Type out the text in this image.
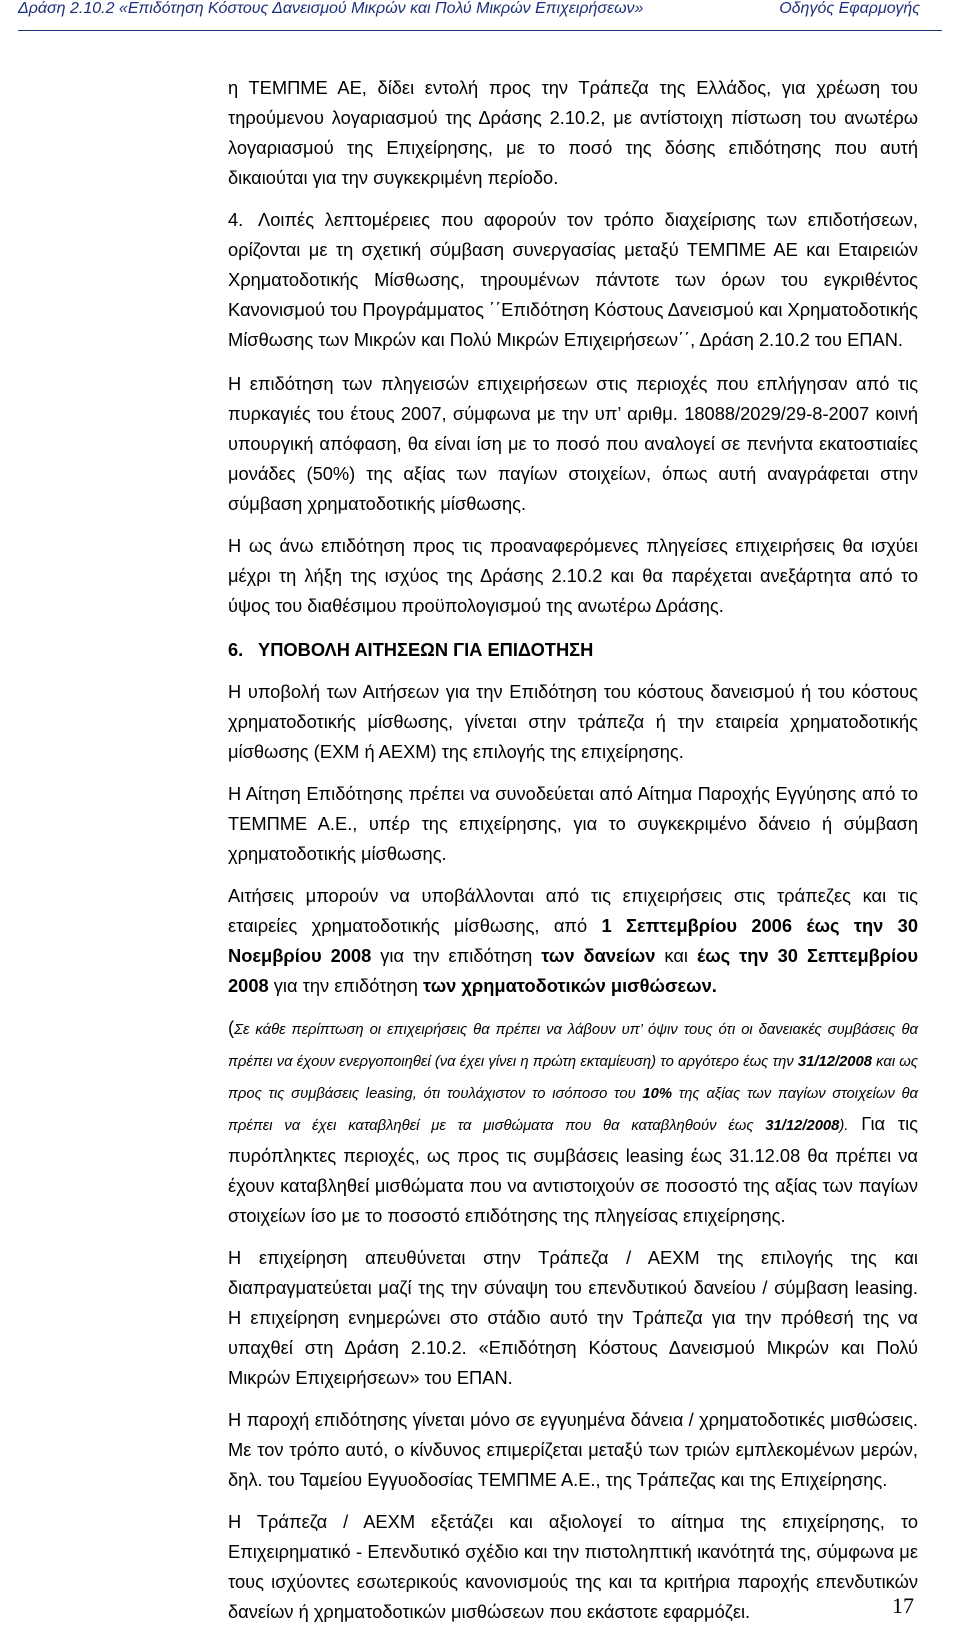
Δράση 2.10.2 «Επιδότηση Κόστους Δανεισμού Μικρών και Πολύ Μικρών Επιχειρήσεων»	Οδηγός Εφαρμογής

η ΤΕΜΠΜΕ ΑΕ, δίδει εντολή προς την Τράπεζα της Ελλάδος, για χρέωση του τηρούμενου λογαριασμού της Δράσης 2.10.2, με αντίστοιχη πίστωση του ανωτέρω λογαριασμού της Επιχείρησης, με το ποσό της δόσης επιδότησης που αυτή δικαιούται για την συγκεκριμένη περίοδο.

4. Λοιπές λεπτομέρειες που αφορούν τον τρόπο διαχείρισης των επιδοτήσεων, ορίζονται με τη σχετική σύμβαση συνεργασίας μεταξύ ΤΕΜΠΜΕ ΑΕ και Εταιρειών Χρηματοδοτικής Μίσθωσης, τηρουμένων πάντοτε των όρων του εγκριθέντος Κανονισμού του Προγράμματος ΄΄Επιδότηση Κόστους Δανεισμού και Χρηματοδοτικής Μίσθωσης των Μικρών και Πολύ Μικρών Επιχειρήσεων΄΄, Δράση 2.10.2 του ΕΠΑΝ.

Η επιδότηση των πληγεισών επιχειρήσεων στις περιοχές που επλήγησαν από τις πυρκαγιές του έτους 2007, σύμφωνα με την υπ’ αριθμ. 18088/2029/29-8-2007 κοινή υπουργική απόφαση, θα είναι ίση με το ποσό που αναλογεί σε πενήντα εκατοστιαίες μονάδες (50%) της αξίας των παγίων στοιχείων, όπως αυτή αναγράφεται στην σύμβαση χρηματοδοτικής μίσθωσης.

Η ως άνω επιδότηση προς τις προαναφερόμενες πληγείσες επιχειρήσεις θα ισχύει μέχρι τη λήξη της ισχύος της Δράσης 2.10.2 και θα παρέχεται ανεξάρτητα από το ύψος του διαθέσιμου προϋπολογισμού της ανωτέρω Δράσης.

6. ΥΠΟΒΟΛΗ ΑΙΤΗΣΕΩΝ ΓΙΑ ΕΠΙΔΟΤΗΣΗ

Η υποβολή των Αιτήσεων για την Επιδότηση του κόστους δανεισμού ή του κόστους χρηματοδοτικής μίσθωσης, γίνεται στην τράπεζα ή την εταιρεία χρηματοδοτικής μίσθωσης (ΕΧΜ ή ΑΕΧΜ) της επιλογής της επιχείρησης.

Η Αίτηση Επιδότησης πρέπει να συνοδεύεται από Αίτημα Παροχής Εγγύησης από το ΤΕΜΠΜΕ Α.Ε., υπέρ της επιχείρησης, για το συγκεκριμένο δάνειο ή σύμβαση χρηματοδοτικής μίσθωσης.

Αιτήσεις μπορούν να υποβάλλονται από τις επιχειρήσεις στις τράπεζες και τις εταιρείες χρηματοδοτικής μίσθωσης, από 1 Σεπτεμβρίου 2006 έως την 30 Νοεμβρίου 2008 για την επιδότηση των δανείων και έως την 30 Σεπτεμβρίου 2008 για την επιδότηση των χρηματοδοτικών μισθώσεων.

(Σε κάθε περίπτωση οι επιχειρήσεις θα πρέπει να λάβουν υπ’ όψιν τους ότι οι δανειακές συμβάσεις θα πρέπει να έχουν ενεργοποιηθεί (να έχει γίνει η πρώτη εκταμίευση) το αργότερο έως την 31/12/2008 και ως προς τις συμβάσεις leasing, ότι τουλάχιστον το ισόποσο του 10% της αξίας των παγίων στοιχείων θα πρέπει να έχει καταβληθεί με τα μισθώματα που θα καταβληθούν έως 31/12/2008). Για τις πυρόπληκτες περιοχές, ως προς τις συμβάσεις leasing έως 31.12.08 θα πρέπει να έχουν καταβληθεί μισθώματα που να αντιστοιχούν σε ποσοστό της αξίας των παγίων στοιχείων ίσο με το ποσοστό επιδότησης της πληγείσας επιχείρησης.

Η επιχείρηση απευθύνεται στην Τράπεζα / ΑΕΧΜ της επιλογής της και διαπραγματεύεται μαζί της την σύναψη του επενδυτικού δανείου / σύμβαση leasing. Η επιχείρηση ενημερώνει στο στάδιο αυτό την Τράπεζα για την πρόθεσή της να υπαχθεί στη Δράση 2.10.2. «Επιδότηση Κόστους Δανεισμού Μικρών και Πολύ Μικρών Επιχειρήσεων» του ΕΠΑΝ.

Η παροχή επιδότησης γίνεται μόνο σε εγγυημένα δάνεια / χρηματοδοτικές μισθώσεις. Με τον τρόπο αυτό, ο κίνδυνος επιμερίζεται μεταξύ των τριών εμπλεκομένων μερών, δηλ. του Ταμείου Εγγυοδοσίας ΤΕΜΠΜΕ Α.Ε., της Τράπεζας και της Επιχείρησης.

Η Τράπεζα / ΑΕΧΜ εξετάζει και αξιολογεί το αίτημα της επιχείρησης, το Επιχειρηματικό - Επενδυτικό σχέδιο και την πιστοληπτική ικανότητά της, σύμφωνα με τους ισχύοντες εσωτερικούς κανονισμούς της και τα κριτήρια παροχής επενδυτικών δανείων ή χρηματοδοτικών μισθώσεων που εκάστοτε εφαρμόζει.	17
